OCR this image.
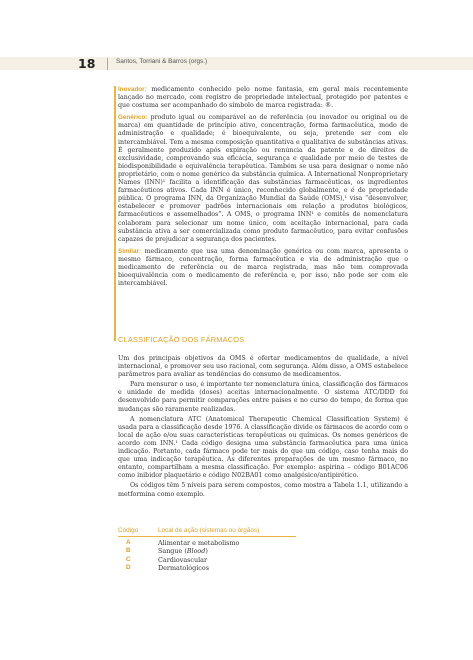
18	Santos, Torriani & Barros (orgs.)

Inovador: medicamento conhecido pelo nome fantasia, em geral mais recentemente lançado no mercado, com registro de propriedade intelectual, protegido por patentes e que costuma ser acompanhado do símbolo de marca registrada: ®.

Genérico: produto igual ou comparável ao de referência (ou inovador ou original ou de marca) em quantidade de princípio ativo, concentração, forma farmacêutica, modo de administração e qualidade; é bioequivalente, ou seja, pretende ser com ele intercambiável. Tem a mesma composição quantitativa e qualitativa de substâncias ativas. É geralmente produzido após expiração ou renúncia da patente e de direitos de exclusividade, comprovando sua eficácia, segurança e qualidade por meio de testes de biodisponibilidade e equivalência terapêutica. Também se usa para designar o nome não proprietário, com o nome genérico da substância química. A International Nonproprietary Names (INN)¹ facilita a identificação das substâncias farmacêuticas, os ingredientes farmacêuticos ativos. Cada INN é único, reconhecido globalmente, e é de propriedade pública. O programa INN, da Organização Mundial da Saúde (OMS),¹ visa “desenvolver, estabelecer e promover padrões internacionais em relação a produtos biológicos, farmacêuticos e assemelhados”. A OMS, o programa INN¹ e comitês de nomenclatura colaboram para selecionar um nome único, com aceitação internacional, para cada substância ativa a ser comercializada como produto farmacêutico, para evitar confusões capazes de prejudicar a segurança dos pacientes.

Similar: medicamento que usa uma denominação genérica ou com marca, apresenta o mesmo fármaco, concentração, forma farmacêutica e via de administração que o medicamento de referência ou de marca registrada, mas não tem comprovada bioequivalência com o medicamento de referência e, por isso, não pode ser com ele intercambiável.

CLASSIFICAÇÃO DOS FÁRMACOS

Um dos principais objetivos da OMS é ofertar medicamentos de qualidade, a nível internacional, e promover seu uso racional, com segurança. Além disso, a OMS estabelece parâmetros para avaliar as tendências do consumo de medicamentos.

Para mensurar o uso, é importante ter nomenclatura única, classificação dos fármacos e unidade de medida (doses) aceitas internacionalmente. O sistema ATC/DDD foi desenvolvido para permitir comparações entre países e no curso do tempo, de forma que mudanças são raramente realizadas.

A nomenclatura ATC (Anatomical Therapeutic Chemical Classification System) é usada para a classificação desde 1976. A classificação divide os fármacos de acordo com o local de ação e/ou suas características terapêuticas ou químicas. Os nomes genéricos de acordo com INN.¹ Cada código designa uma substância farmacêutica para uma única indicação. Portanto, cada fármaco pode ter mais do que um código, caso tenha mais do que uma indicação terapêutica. As diferentes preparações de um mesmo fármaco, no entanto, compartilham a mesma classificação. Por exemplo: aspirina – código B01AC06 como inibidor plaquetário e código N02BA01 como analgésico/antipirético.

Os códigos têm 5 níveis para serem compostos, como mostra a Tabela 1.1, utilizando a metformina como exemplo.

Código	Local de ação (sistemas ou órgãos)
A	Alimentar e metabolismo
B	Sangue (Blood)
C	Cardiovascular
D	Dermatológicos
